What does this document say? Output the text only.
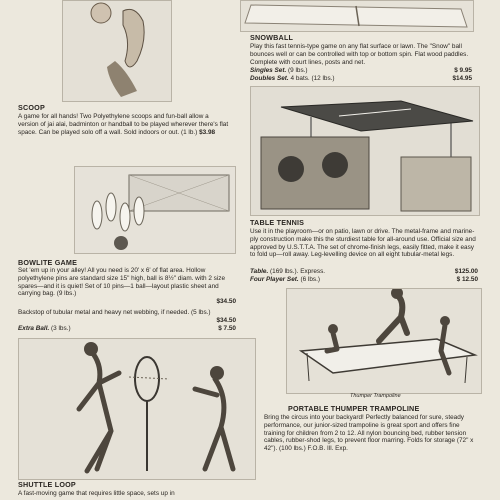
SCOOP
A game for all hands! Two Polyethylene scoops and fun-ball allow a version of jai alai, badminton or handball to be played wherever there's flat space. Can be played solo off a wall. Sold indoors or out. (1 lb.) $3.98
SNOWBALL
Play this fast tennis-type game on any flat surface or lawn. The "Snow" ball bounces well or can be controlled with top or bottom spin. Flat wood paddles. Complete with court lines, posts and net.
Singles Set. (9 lbs.)	$ 9.95
Doubles Set. 4 bats. (12 lbs.)	$14.95
BOWLITE GAME
Set 'em up in your alley! All you need is 20' x 6' of flat area. Hollow polyethylene pins are standard size 15" high, ball is 8½" diam. with 2 size spares—and it is quiet! Set of 10 pins—1 ball—layout plastic sheet and carrying bag. (9 lbs.)
$34.50
Backstop of tubular metal and heavy net webbing, if needed. (5 lbs.)
$34.50
Extra Ball. (3 lbs.)	$ 7.50
TABLE TENNIS
Use it in the playroom—or on patio, lawn or drive. The metal-frame and marine-ply construction make this the sturdiest table for all-around use. Official size and approved by U.S.T.T.A. The set of chrome-finish legs, easily fitted, make it easy to fold up—roll away. Leg-levelling device on all eight tubular-metal legs.
Table. (169 lbs.). Express.	$125.00
Four Player Set. (6 lbs.)	$ 12.50
SHUTTLE LOOP
A fast-moving game that requires little space, sets up in
Thumper Trampoline
PORTABLE THUMPER TRAMPOLINE
Bring the circus into your backyard! Perfectly balanced for sure, steady performance, our junior-sized trampoline is great sport and offers fine training for children from 2 to 12. All nylon bouncing bed, rubber tension cables, rubber-shod legs, to prevent floor marring. Folds for storage (72" x 42"). (100 lbs.) F.O.B. Ill. Exp.
